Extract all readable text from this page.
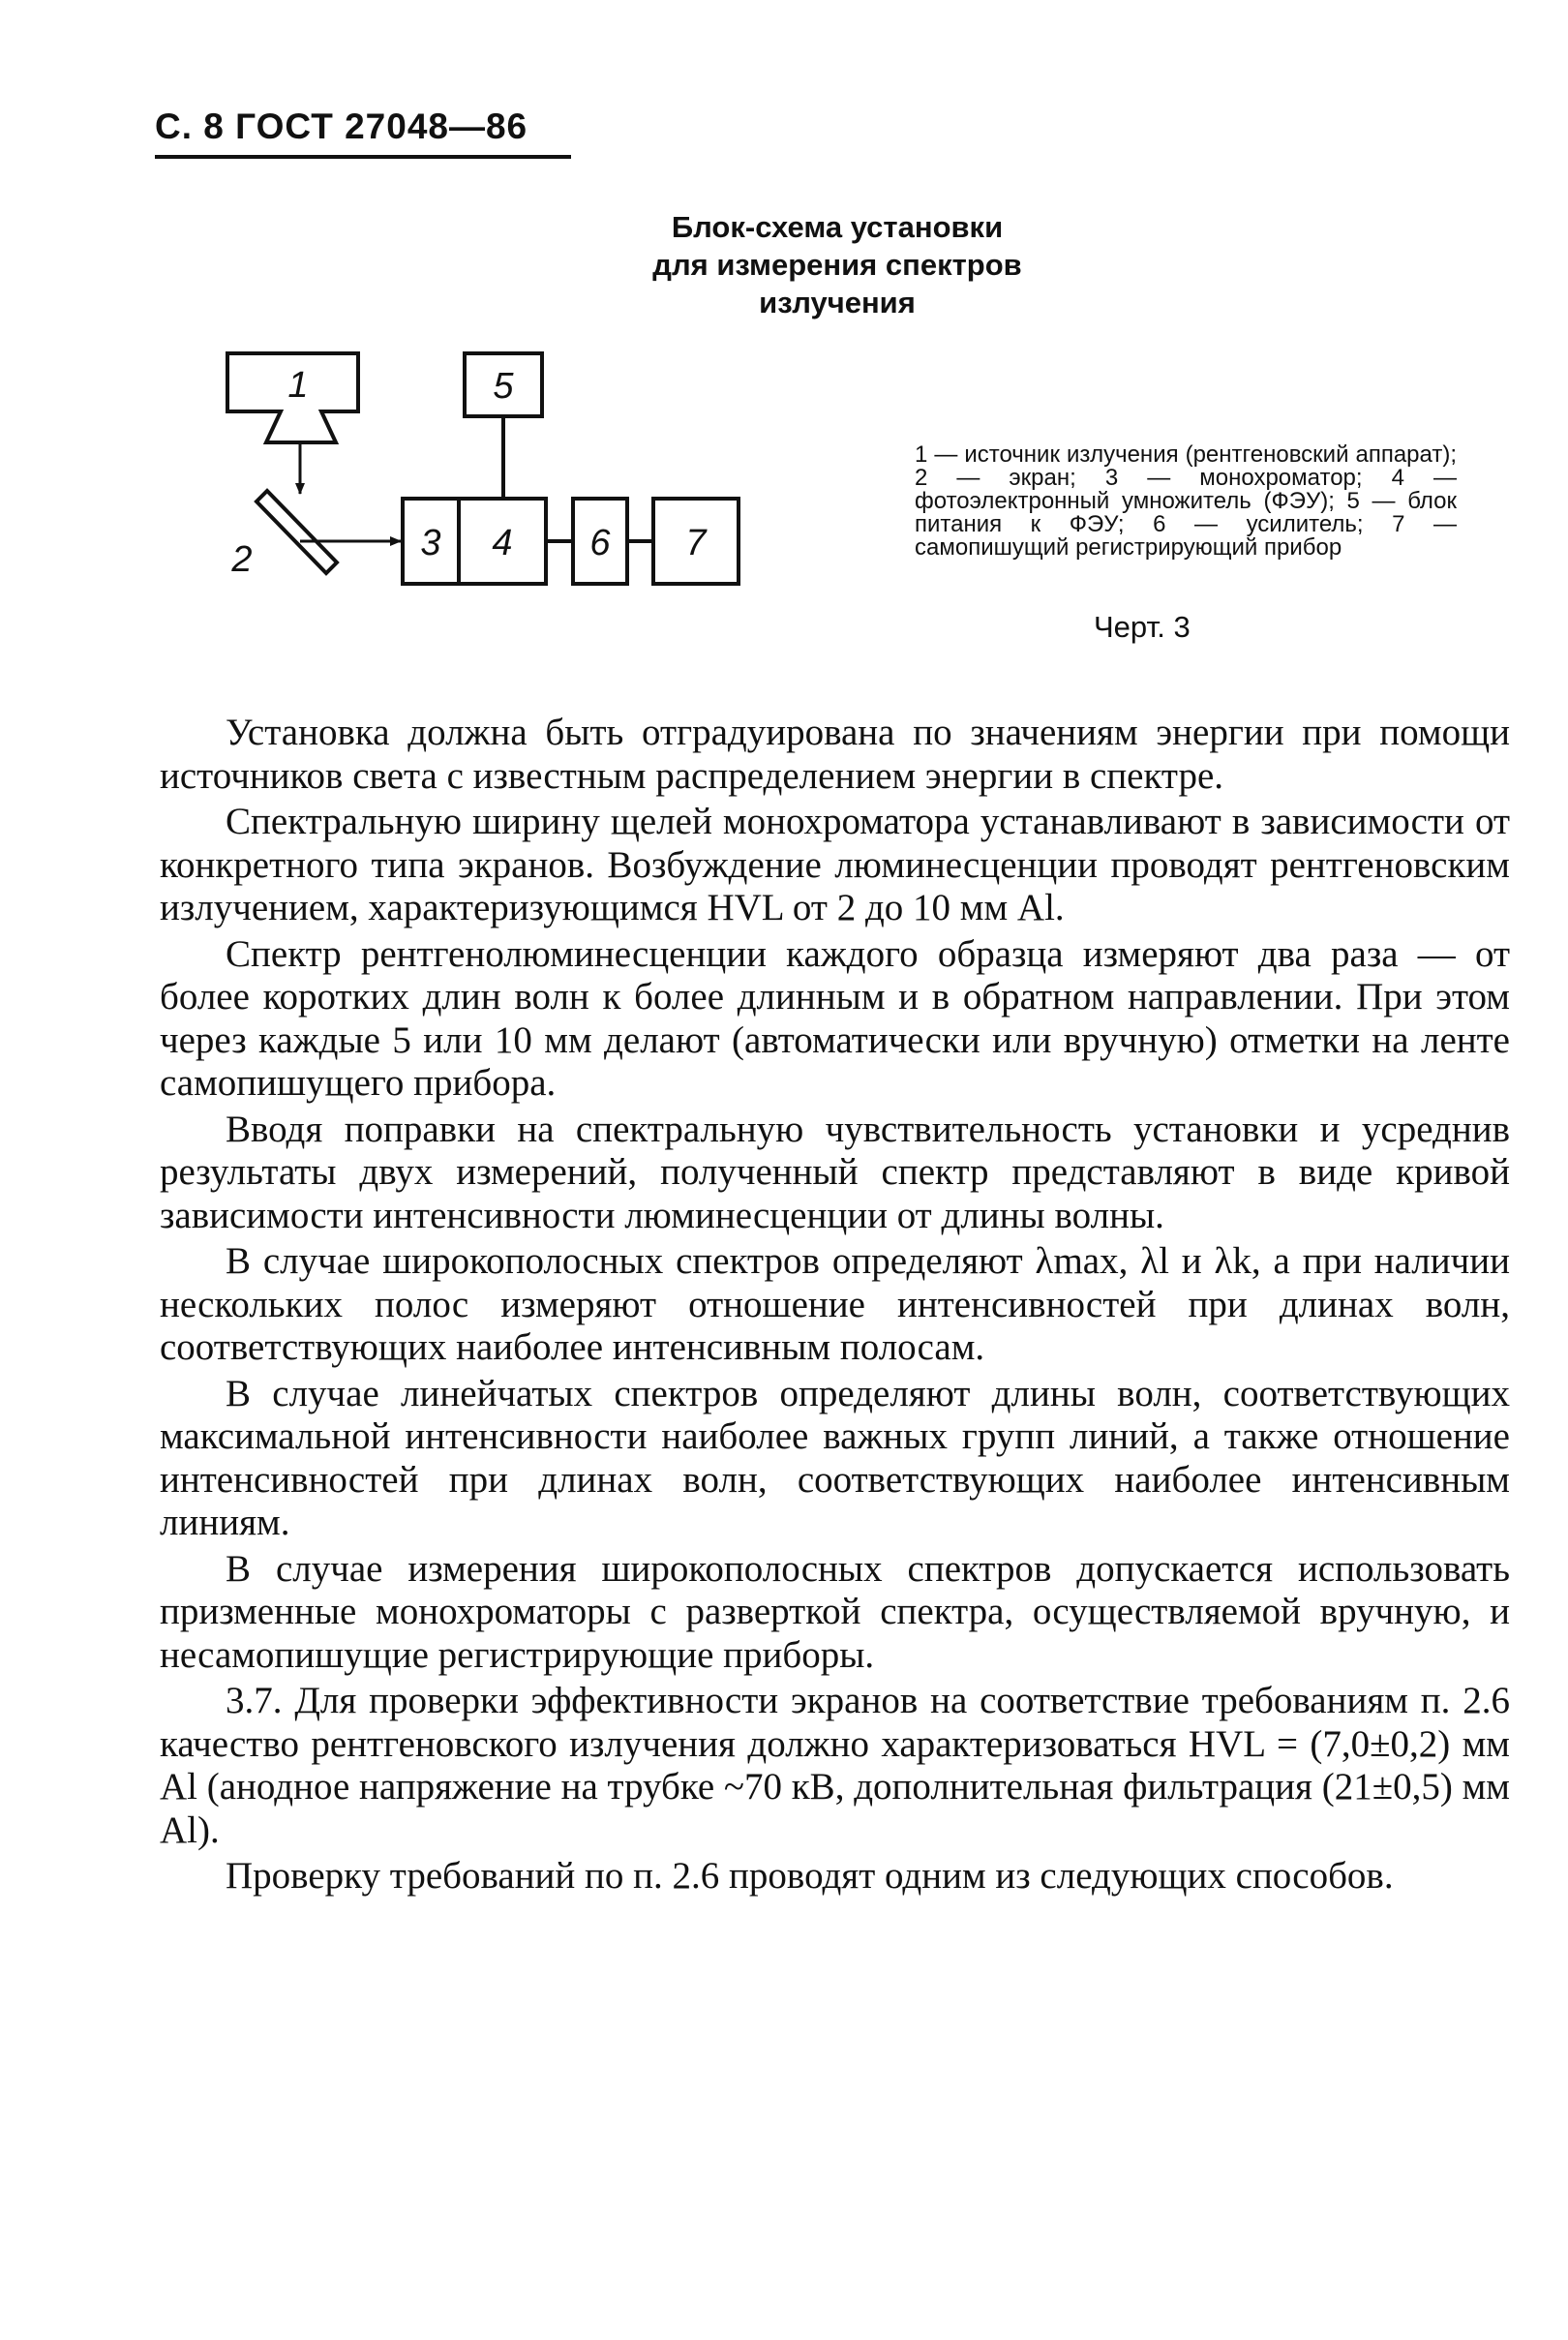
С. 8 ГОСТ 27048—86
Блок-схема установки
для измерения спектров
излучения
1
2	3 4
5
6 7
1 — источник излучения (рентгеновский аппарат); 2 — экран; 3 — монохроматор; 4 — фотоэлектронный умножитель (ФЭУ); 5 — блок питания к ФЭУ; 6 — усилитель; 7 — самопишущий регистрирующий прибор
Черт. 3

Установка должна быть отградуирована по значениям энергии при помощи источников света с известным распределением энергии в спектре.

Спектральную ширину щелей монохроматора устанавливают в зависимости от конкретного типа экранов. Возбуждение люминесценции проводят рентгеновским излучением, характеризующимся HVL от 2 до 10 мм Al.

Спектр рентгенолюминесценции каждого образца измеряют два раза — от более коротких длин волн к более длинным и в обратном направлении. При этом через каждые 5 или 10 мм делают (автоматически или вручную) отметки на ленте самопишущего прибора.

Вводя поправки на спектральную чувствительность установки и усреднив результаты двух измерений, полученный спектр представляют в виде кривой зависимости интенсивности люминесценции от длины волны.

В случае широкополосных спектров определяют λmax, λl и λk, а при наличии нескольких полос измеряют отношение интенсивностей при длинах волн, соответствующих наиболее интенсивным полосам.

В случае линейчатых спектров определяют длины волн, соответствующих максимальной интенсивности наиболее важных групп линий, а также отношение интенсивностей при длинах волн, соответствующих наиболее интенсивным линиям.

В случае измерения широкополосных спектров допускается использовать призменные монохроматоры с разверткой спектра, осуществляемой вручную, и несамопишущие регистрирующие приборы.

3.7. Для проверки эффективности экранов на соответствие требованиям п. 2.6 качество рентгеновского излучения должно характеризоваться HVL = (7,0±0,2) мм Al (анодное напряжение на трубке ~70 кВ, дополнительная фильтрация (21±0,5) мм Al).

Проверку требований по п. 2.6 проводят одним из следующих способов.
